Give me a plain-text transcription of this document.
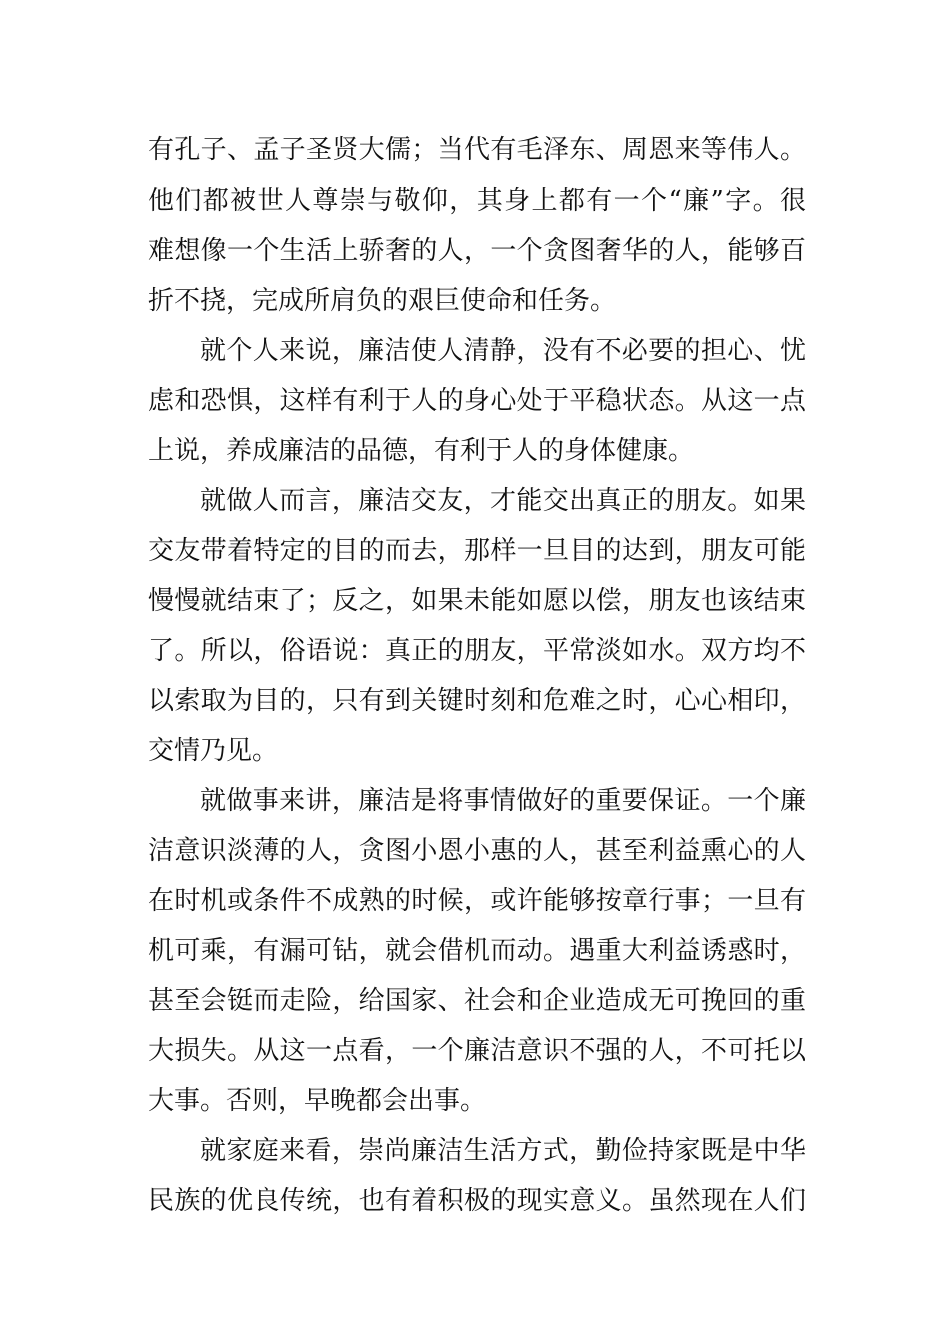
有孔子、孟子圣贤大儒；当代有毛泽东、周恩来等伟人。
他们都被世人尊崇与敬仰，其身上都有一个“廉”字。很
难想像一个生活上骄奢的人，一个贪图奢华的人，能够百
折不挠，完成所肩负的艰巨使命和任务。
就个人来说，廉洁使人清静，没有不必要的担心、忧
虑和恐惧，这样有利于人的身心处于平稳状态。从这一点
上说，养成廉洁的品德，有利于人的身体健康。
就做人而言，廉洁交友，才能交出真正的朋友。如果
交友带着特定的目的而去，那样一旦目的达到，朋友可能
慢慢就结束了；反之，如果未能如愿以偿，朋友也该结束
了。所以，俗语说：真正的朋友，平常淡如水。双方均不
以索取为目的，只有到关键时刻和危难之时，心心相印，
交情乃见。
就做事来讲，廉洁是将事情做好的重要保证。一个廉
洁意识淡薄的人，贪图小恩小惠的人，甚至利益熏心的人
在时机或条件不成熟的时候，或许能够按章行事；一旦有
机可乘，有漏可钻，就会借机而动。遇重大利益诱惑时，
甚至会铤而走险，给国家、社会和企业造成无可挽回的重
大损失。从这一点看，一个廉洁意识不强的人，不可托以
大事。否则，早晚都会出事。
就家庭来看，崇尚廉洁生活方式，勤俭持家既是中华
民族的优良传统，也有着积极的现实意义。虽然现在人们
